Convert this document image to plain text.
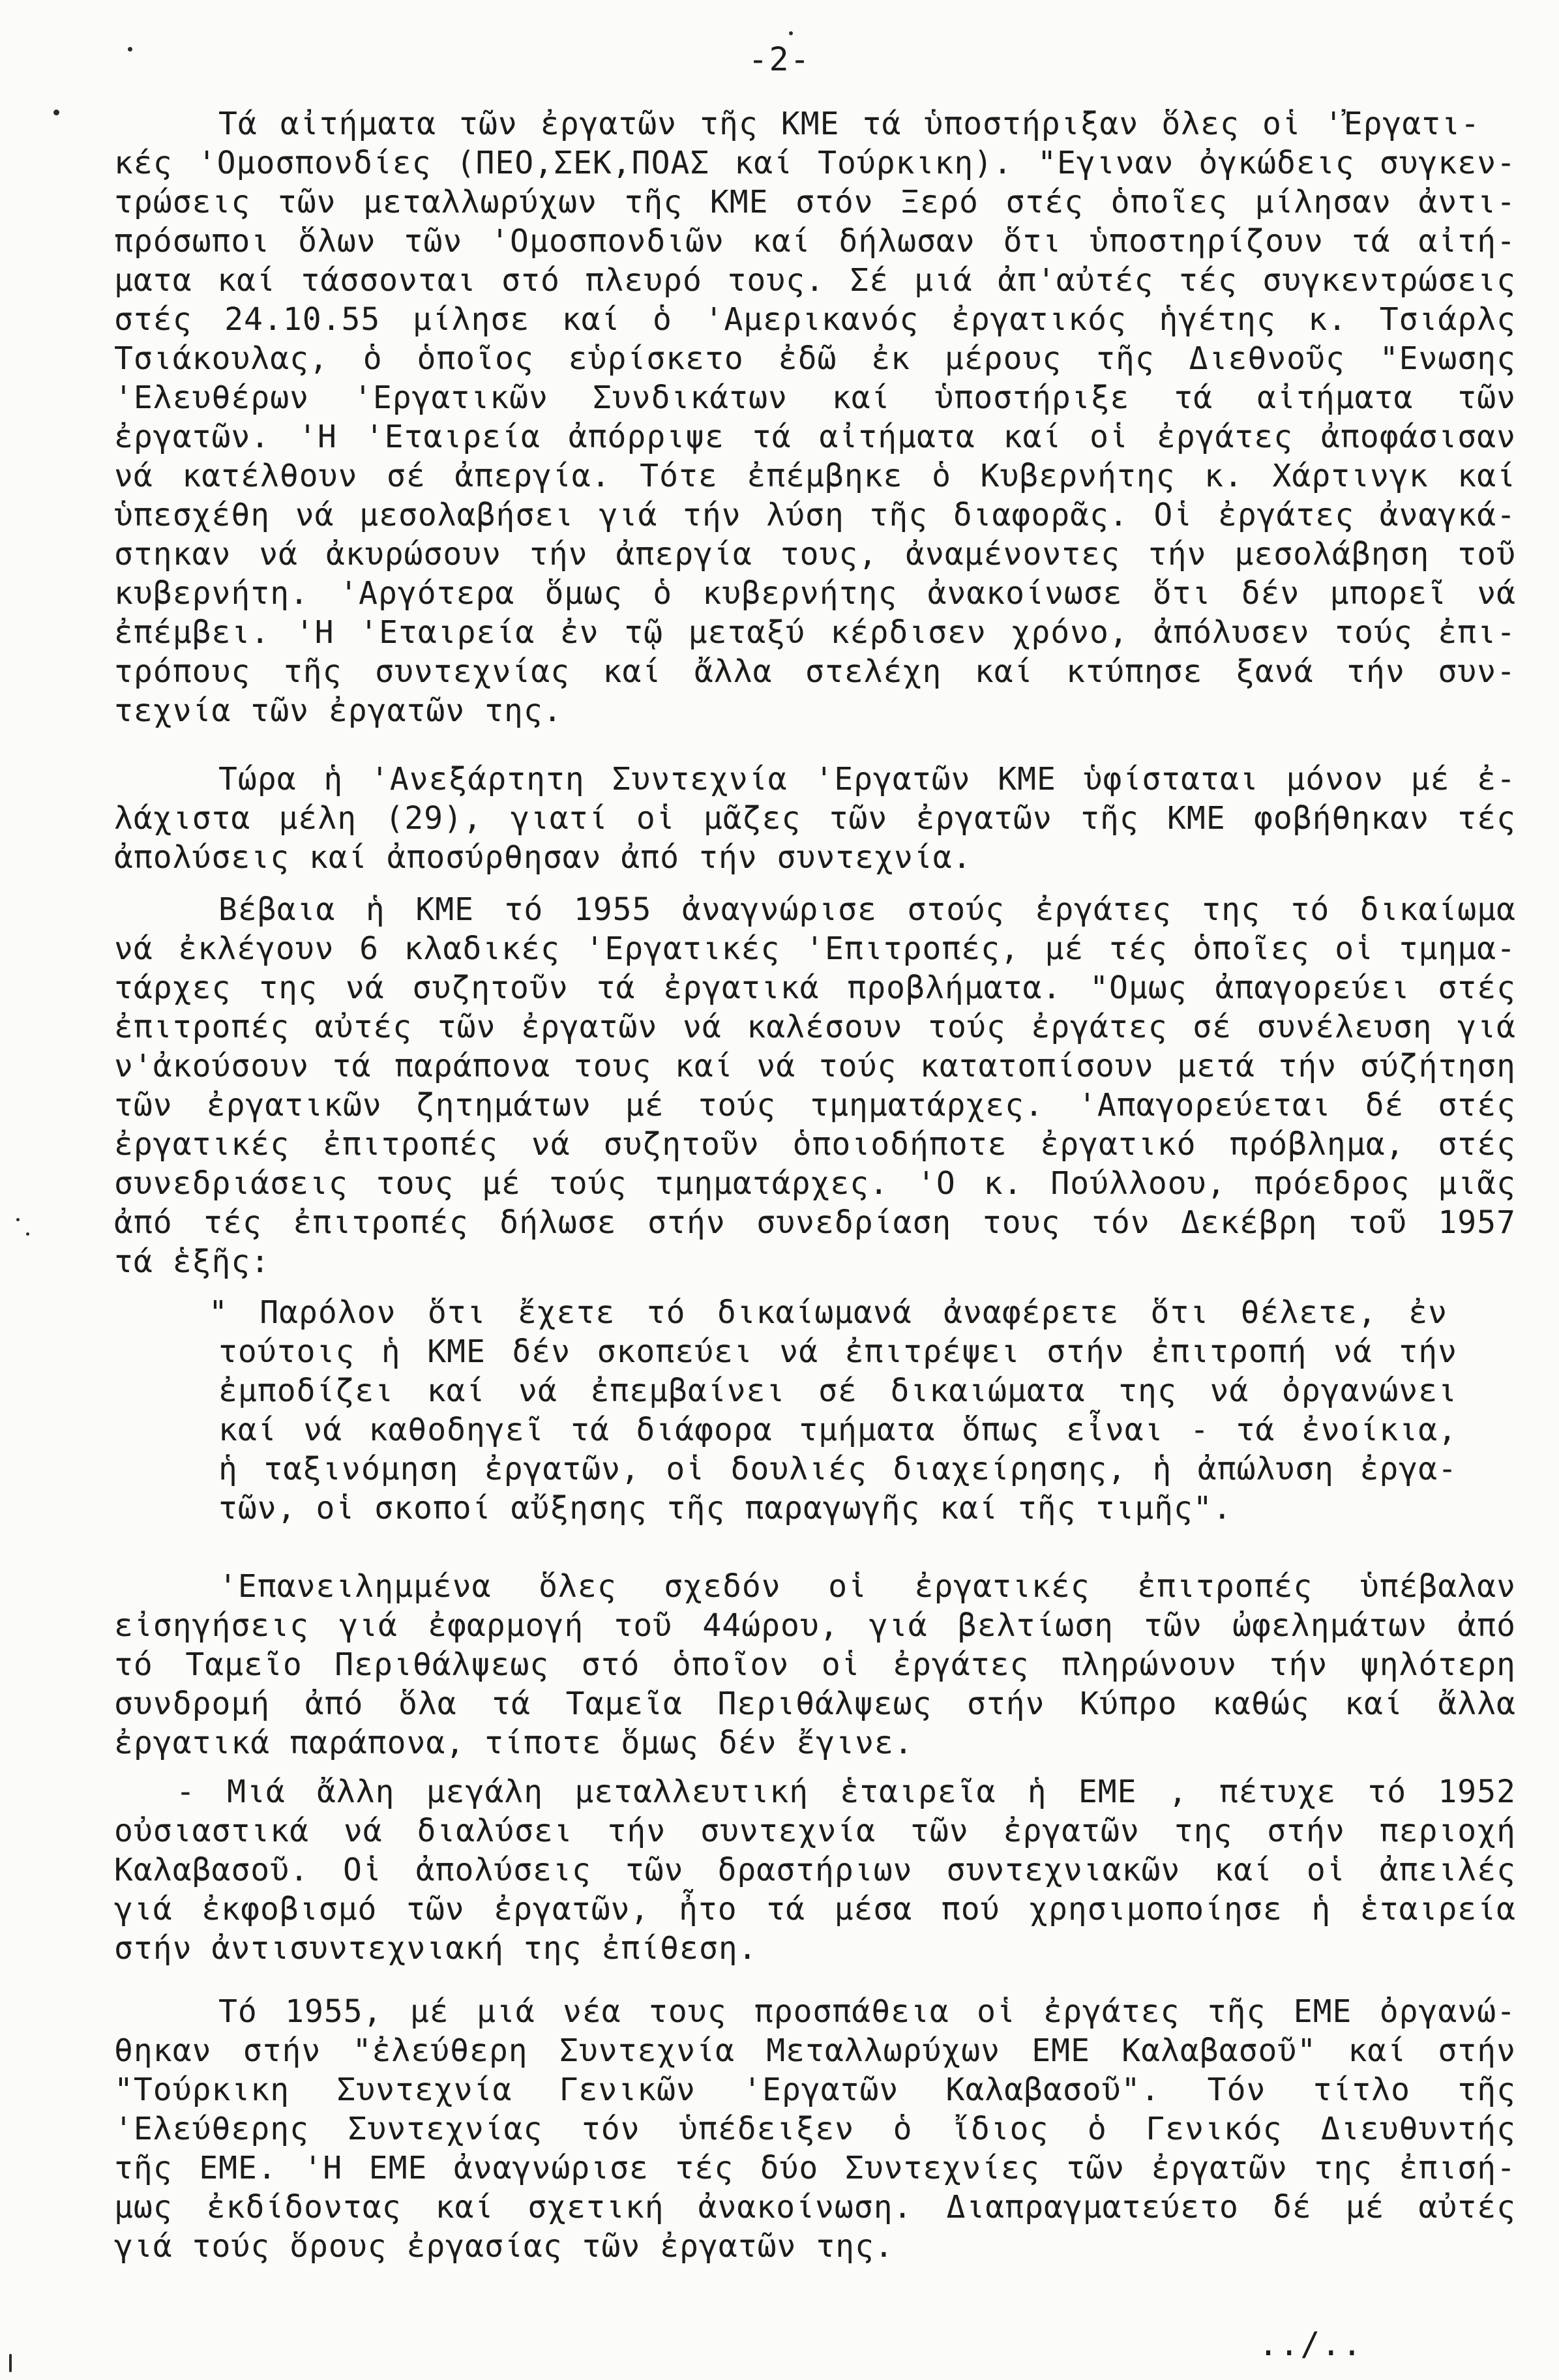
-2-
Τά αἰτήματα τῶν ἐργατῶν τῆς ΚΜΕ τά ὑποστήριξαν ὅλες οἱ 'Ἐργατι-
κές 'Ομοσπονδίες (ΠΕΟ,ΣΕΚ,ΠΟΑΣ καί Τούρκικη). "Εγιναν ὀγκώδεις συγκεν-
τρώσεις τῶν μεταλλωρύχων τῆς ΚΜΕ στόν Ξερό στές ὁποῖες μίλησαν ἀντι-
πρόσωποι ὅλων τῶν 'Ομοσπονδιῶν καί δήλωσαν ὅτι ὑποστηρίζουν τά αἰτή-
ματα καί τάσσονται στό πλευρό τους. Σέ μιά ἀπ'αὐτές τές συγκεντρώσεις
στές 24.10.55 μίλησε καί ὁ 'Αμερικανός ἐργατικός ἡγέτης κ. Τσιάρλς
Τσιάκουλας, ὁ ὁποῖος εὑρίσκετο ἐδῶ ἐκ μέρους τῆς Διεθνοῦς "Ενωσης
'Ελευθέρων 'Εργατικῶν Συνδικάτων καί ὑποστήριξε τά αἰτήματα τῶν
ἐργατῶν. 'Η 'Εταιρεία ἀπόρριψε τά αἰτήματα καί οἱ ἐργάτες ἀποφάσισαν
νά κατέλθουν σέ ἀπεργία. Τότε ἐπέμβηκε ὁ Κυβερνήτης κ. Χάρτινγκ καί
ὑπεσχέθη νά μεσολαβήσει γιά τήν λύση τῆς διαφορᾶς. Οἱ ἐργάτες ἀναγκά-
στηκαν νά ἀκυρώσουν τήν ἀπεργία τους, ἀναμένοντες τήν μεσολάβηση τοῦ
κυβερνήτη. 'Αργότερα ὅμως ὁ κυβερνήτης ἀνακοίνωσε ὅτι δέν μπορεῖ νά
ἐπέμβει. 'Η 'Εταιρεία ἐν τῷ μεταξύ κέρδισεν χρόνο, ἀπόλυσεν τούς ἐπι-
τρόπους τῆς συντεχνίας καί ἄλλα στελέχη καί κτύπησε ξανά τήν συν-
τεχνία τῶν ἐργατῶν της.
Τώρα ἡ 'Ανεξάρτητη Συντεχνία 'Εργατῶν ΚΜΕ ὑφίσταται μόνον μέ ἐ-
λάχιστα μέλη (29), γιατί οἱ μᾶζες τῶν ἐργατῶν τῆς ΚΜΕ φοβήθηκαν τές
ἀπολύσεις καί ἀποσύρθησαν ἀπό τήν συντεχνία.
Βέβαια ἡ ΚΜΕ τό 1955 ἀναγνώρισε στούς ἐργάτες της τό δικαίωμα
νά ἐκλέγουν 6 κλαδικές 'Εργατικές 'Επιτροπές, μέ τές ὁποῖες οἱ τμημα-
τάρχες της νά συζητοῦν τά ἐργατικά προβλήματα. "Ομως ἀπαγορεύει στές
ἐπιτροπές αὐτές τῶν ἐργατῶν νά καλέσουν τούς ἐργάτες σέ συνέλευση γιά
ν'ἀκούσουν τά παράπονα τους καί νά τούς κατατοπίσουν μετά τήν σύζήτηση
τῶν ἐργατικῶν ζητημάτων μέ τούς τμηματάρχες. 'Απαγορεύεται δέ στές
ἐργατικές ἐπιτροπές νά συζητοῦν ὁποιοδήποτε ἐργατικό πρόβλημα, στές
συνεδριάσεις τους μέ τούς τμηματάρχες. 'Ο κ. Πούλλοου, πρόεδρος μιᾶς
ἀπό τές ἐπιτροπές δήλωσε στήν συνεδρίαση τους τόν Δεκέβρη τοῦ 1957
τά ἑξῆς:
" Παρόλον ὅτι ἔχετε τό δικαίωμανά ἀναφέρετε ὅτι θέλετε, ἐν
τούτοις ἡ ΚΜΕ δέν σκοπεύει νά ἐπιτρέψει στήν ἐπιτροπή νά τήν
ἐμποδίζει καί νά ἐπεμβαίνει σέ δικαιώματα της νά ὀργανώνει
καί νά καθοδηγεῖ τά διάφορα τμήματα ὅπως εἶναι - τά ἐνοίκια,
ἡ ταξινόμηση ἐργατῶν, οἱ δουλιές διαχείρησης, ἡ ἀπώλυση ἐργα-
τῶν, οἱ σκοποί αὔξησης τῆς παραγωγῆς καί τῆς τιμῆς".
'Επανειλημμένα ὅλες σχεδόν οἱ ἐργατικές ἐπιτροπές ὑπέβαλαν
εἰσηγήσεις γιά ἐφαρμογή τοῦ 44ώρου, γιά βελτίωση τῶν ὠφελημάτων ἀπό
τό Ταμεῖο Περιθάλψεως στό ὁποῖον οἱ ἐργάτες πληρώνουν τήν ψηλότερη
συνδρομή ἀπό ὅλα τά Ταμεῖα Περιθάλψεως στήν Κύπρο καθώς καί ἄλλα
ἐργατικά παράπονα, τίποτε ὅμως δέν ἔγινε.
- Μιά ἄλλη μεγάλη μεταλλευτική ἑταιρεῖα ἡ ΕΜΕ , πέτυχε τό 1952
οὐσιαστικά νά διαλύσει τήν συντεχνία τῶν ἐργατῶν της στήν περιοχή
Καλαβασοῦ. Οἱ ἀπολύσεις τῶν δραστήριων συντεχνιακῶν καί οἱ ἀπειλές
γιά ἐκφοβισμό τῶν ἐργατῶν, ἦτο τά μέσα πού χρησιμοποίησε ἡ ἑταιρεία
στήν ἀντισυντεχνιακή της ἐπίθεση.
Τό 1955, μέ μιά νέα τους προσπάθεια οἱ ἐργάτες τῆς ΕΜΕ ὀργανώ-
θηκαν στήν "ἐλεύθερη Συντεχνία Μεταλλωρύχων ΕΜΕ Καλαβασοῦ" καί στήν
"Τούρκικη Συντεχνία Γενικῶν 'Εργατῶν Καλαβασοῦ". Τόν τίτλο τῆς
'Ελεύθερης Συντεχνίας τόν ὑπέδειξεν ὁ ἴδιος ὁ Γενικός Διευθυντής
τῆς ΕΜΕ. 'Η ΕΜΕ ἀναγνώρισε τές δύο Συντεχνίες τῶν ἐργατῶν της ἐπισή-
μως ἐκδίδοντας καί σχετική ἀνακοίνωση. Διαπραγματεύετο δέ μέ αὐτές
γιά τούς ὅρους ἐργασίας τῶν ἐργατῶν της.
../..
